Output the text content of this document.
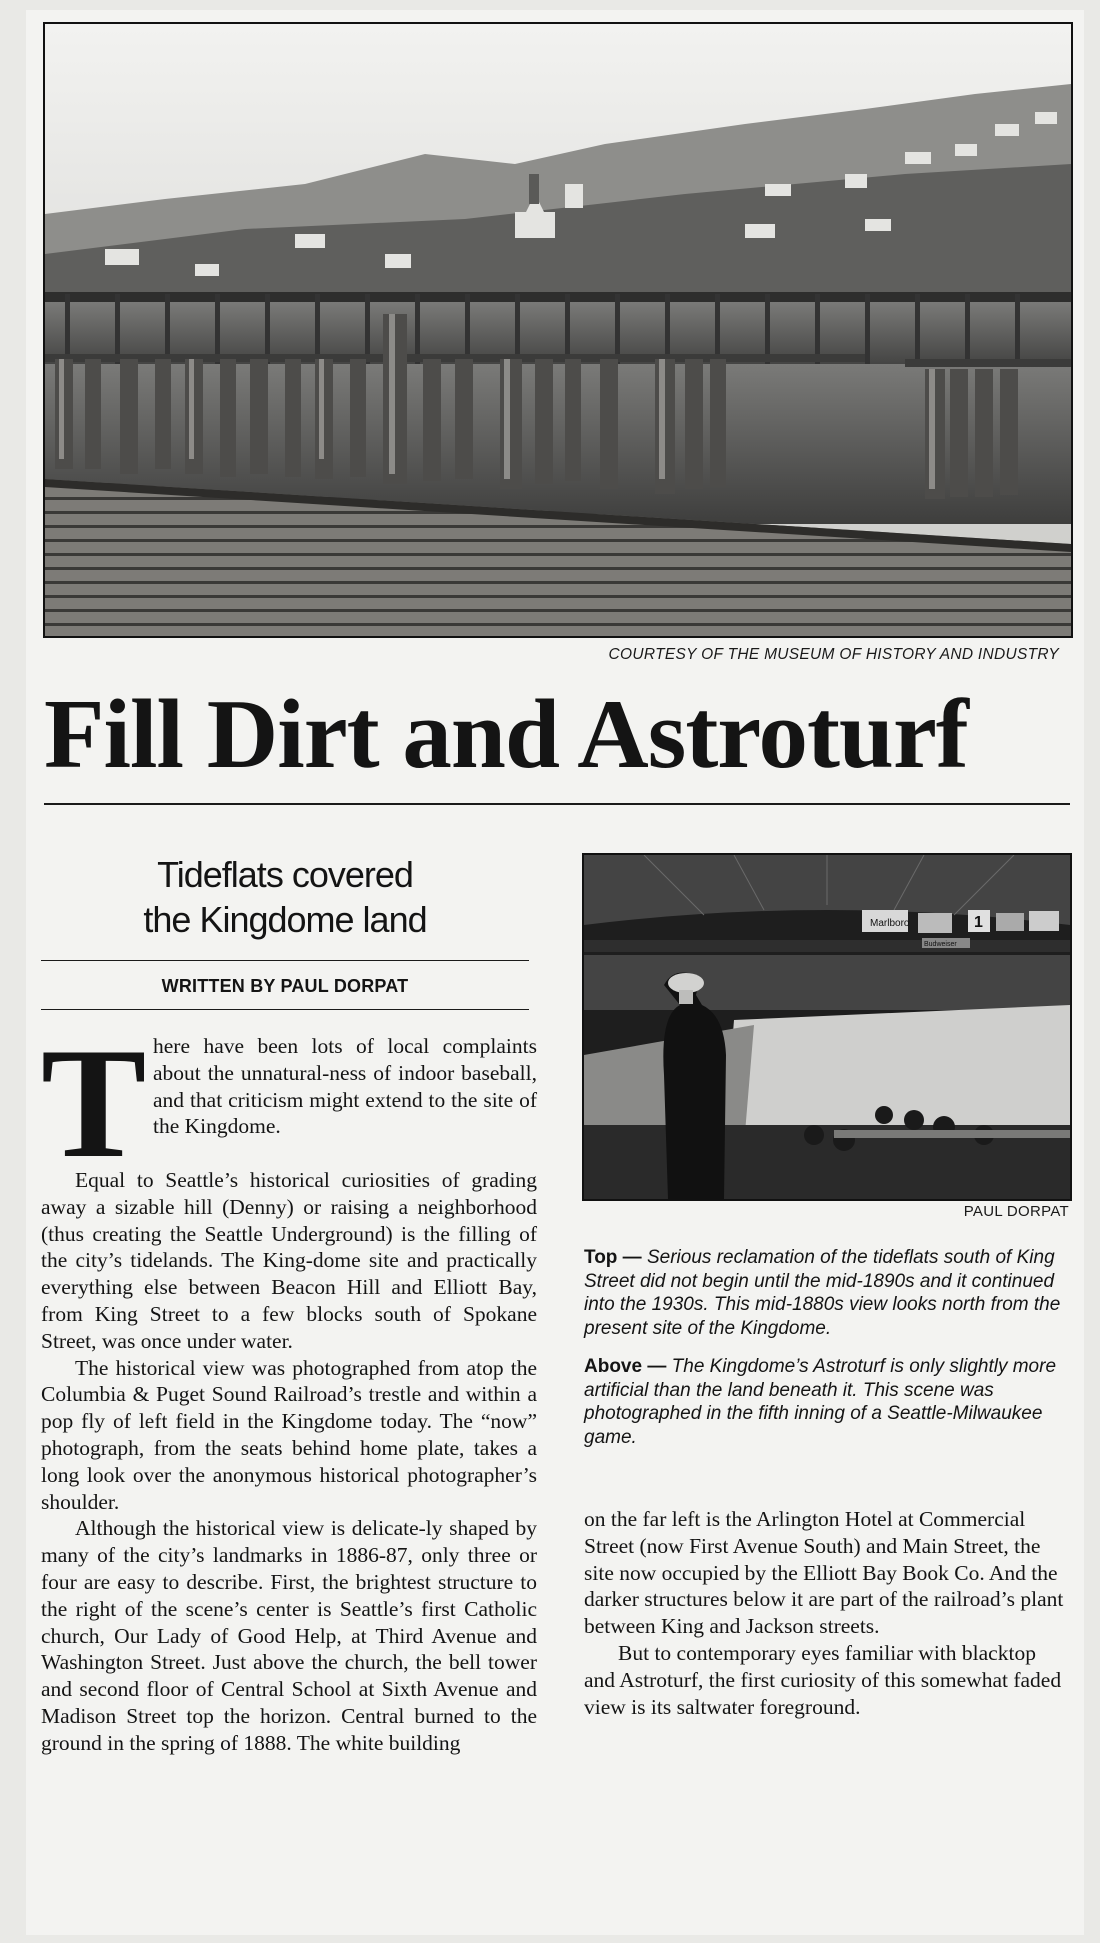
COURTESY OF THE MUSEUM OF HISTORY AND INDUSTRY
Fill Dirt and Astroturf
Tideflats covered
the Kingdome land
WRITTEN BY PAUL DORPAT
Marlboro	1
Budweiser
PAUL DORPAT

Top — Serious reclamation of the tideflats south of King Street did not begin until the mid-1890s and it continued into the 1930s. This mid-1880s view looks north from the present site of the Kingdome.

Above — The Kingdome’s Astroturf is only slightly more artificial than the land beneath it. This scene was photographed in the fifth inning of a Seattle-Milwaukee game.

T here have been lots of local complaints about the unnatural-ness of indoor baseball, and that criticism might extend to the site of the Kingdome.

Equal to Seattle’s historical curiosities of grading away a sizable hill (Denny) or raising a neighborhood (thus creating the Seattle Underground) is the filling of the city’s tidelands. The King-dome site and practically everything else between Beacon Hill and Elliott Bay, from King Street to a few blocks south of Spokane Street, was once under water.

The historical view was photographed from atop the Columbia & Puget Sound Railroad’s trestle and within a pop fly of left field in the Kingdome today. The “now” photograph, from the seats behind home plate, takes a long look over the anonymous historical photographer’s shoulder.

Although the historical view is delicate-ly shaped by many of the city’s landmarks in 1886-87, only three or four are easy to describe. First, the brightest structure to the right of the scene’s center is Seattle’s first Catholic church, Our Lady of Good Help, at Third Avenue and Washington Street. Just above the church, the bell tower and second floor of Central School at Sixth Avenue and Madison Street top the horizon. Central burned to the ground in the spring of 1888. The white building

on the far left is the Arlington Hotel at Commercial Street (now First Avenue South) and Main Street, the site now occupied by the Elliott Bay Book Co. And the darker structures below it are part of the railroad’s plant between King and Jackson streets.

But to contemporary eyes familiar with blacktop and Astroturf, the first curiosity of this somewhat faded view is its saltwater foreground.
